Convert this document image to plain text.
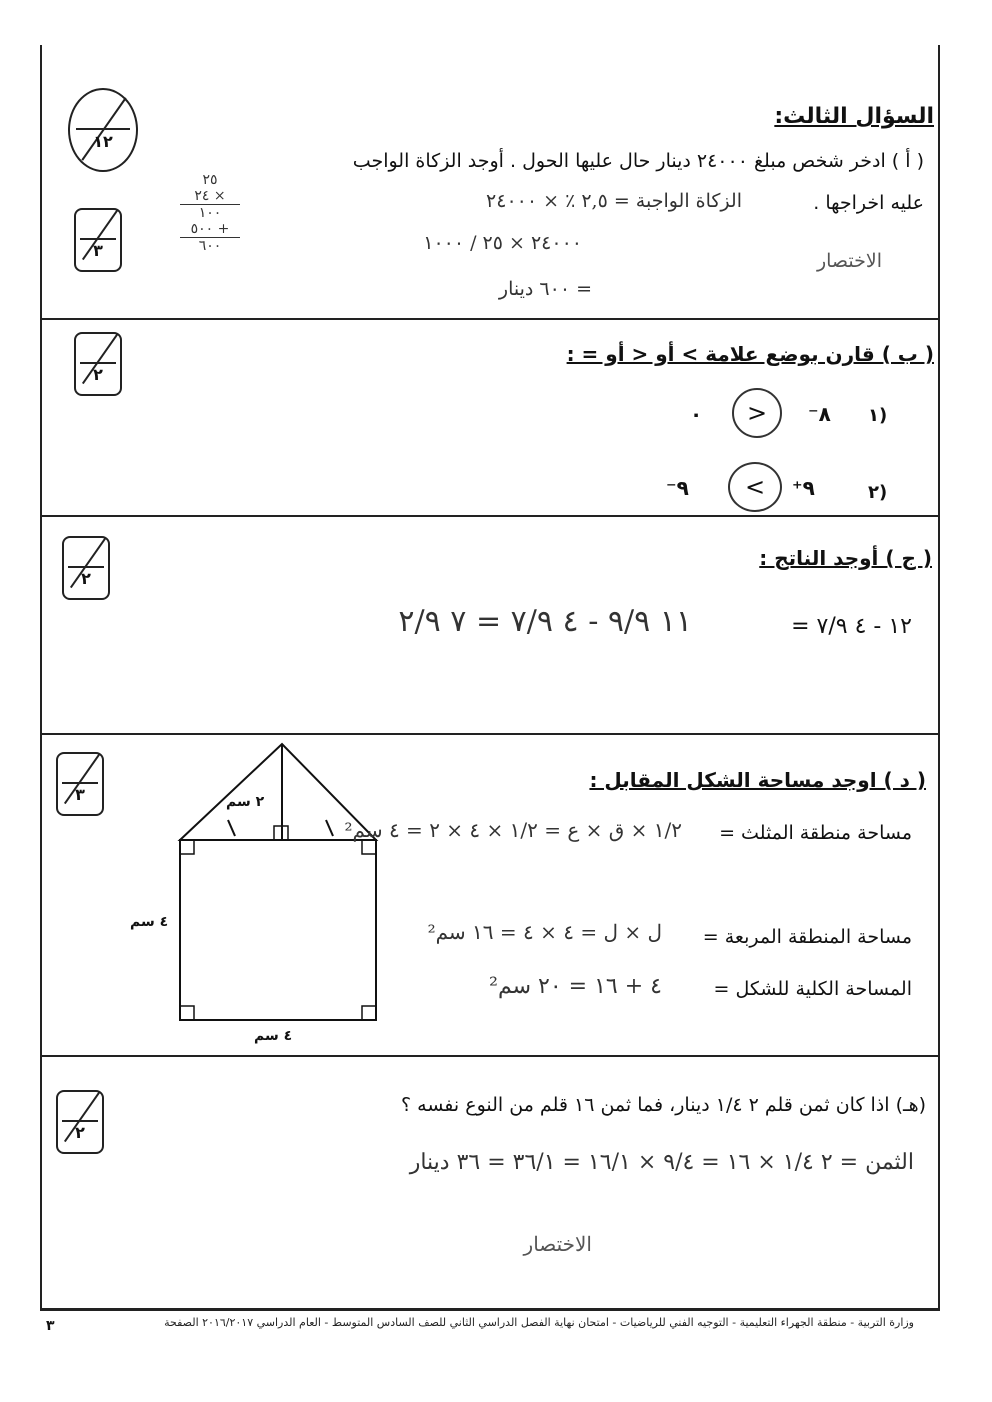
١٢
السؤال الثالث:
٣
( أ ) ادخر شخص مبلغ ٢٤٠٠٠ دينار حال عليها الحول . أوجد الزكاة الواجب
عليه اخراجها .
الزكاة الواجبة = ٢,٥ ٪ × ٢٤٠٠٠
٢٤٠٠٠ × ٢٥ / ١٠٠٠
= ٦٠٠ دينار
الاختصار
٢٥
٢٤ ×
١٠٠
٥٠٠ +
٦٠٠
٢
( ب ) قارن بوضع علامة > أو < أو = :
١)
⁻٨
>
٠
٢)
⁺٩
<
⁻٩
٢
( ج ) أوجد الناتج :
١٢ - ٤ ٧/٩ =
١١ ٩/٩ - ٤ ٧/٩ = ٧ ٢/٩
٣
( د ) اوجد مساحة الشكل المقابل :
٢ سم
٤ سم
٤ سم
مساحة منطقة المثلث =
١/٢ × ق × ع = ١/٢ × ٤ × ٢ = ٤ سم²
مساحة المنطقة المربعة =
ل × ل = ٤ × ٤ = ١٦ سم²
المساحة الكلية للشكل =
٤ + ١٦ = ٢٠ سم²
٢
(هـ) اذا كان ثمن قلم ٢ ١/٤ دينار، فما ثمن ١٦ قلم من النوع نفسه ؟
الثمن = ٢ ١/٤ × ١٦ = ٩/٤ × ١٦/١ = ٣٦/١ = ٣٦ دينار
الاختصار
وزارة التربية - منطقة الجهراء التعليمية - التوجيه الفني للرياضيات - امتحان نهاية الفصل الدراسي الثاني للصف السادس المتوسط - العام الدراسي ٢٠١٦/٢٠١٧ الصفحة
٣
